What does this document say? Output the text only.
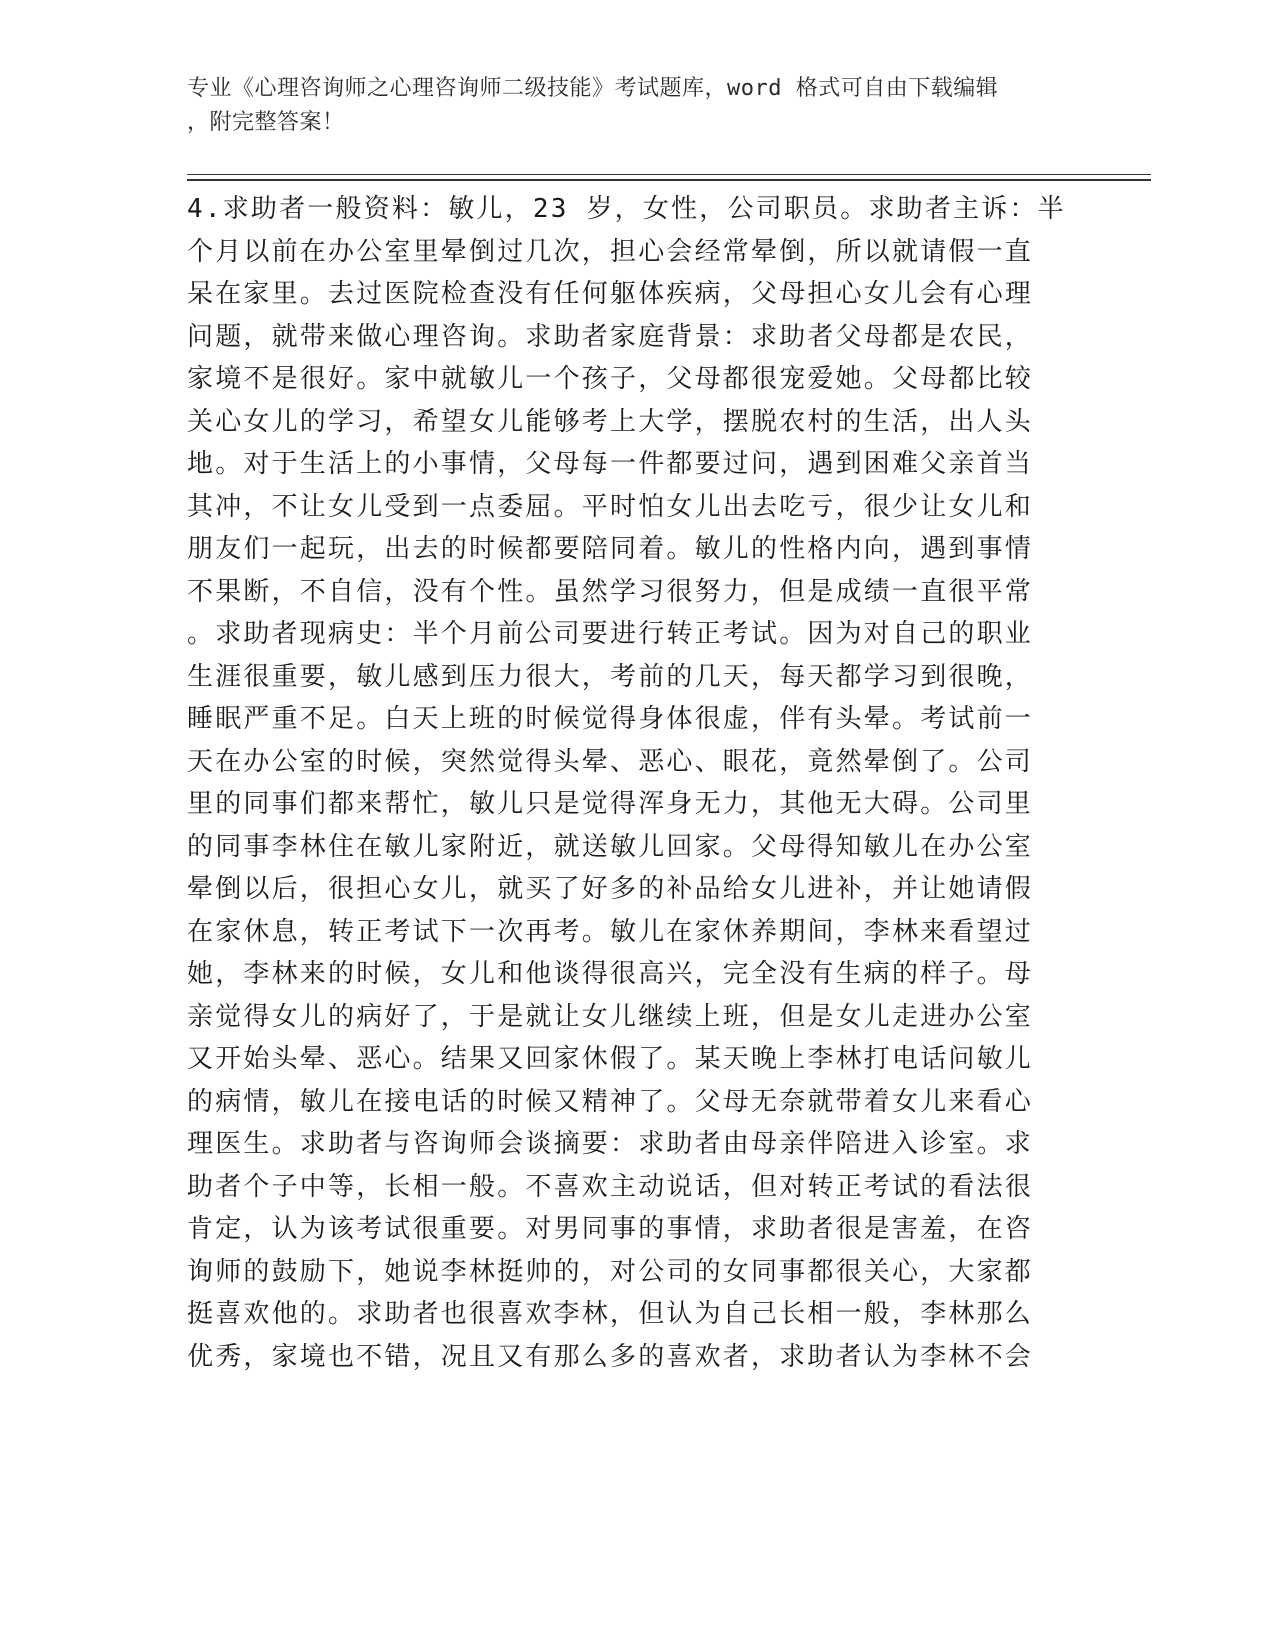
专业《心理咨询师之心理咨询师二级技能》考试题库，word 格式可自由下载编辑
，附完整答案！
4.求助者一般资料：敏儿，23 岁，女性，公司职员。求助者主诉：半
个月以前在办公室里晕倒过几次，担心会经常晕倒，所以就请假一直
呆在家里。去过医院检查没有任何躯体疾病，父母担心女儿会有心理
问题，就带来做心理咨询。求助者家庭背景：求助者父母都是农民，
家境不是很好。家中就敏儿一个孩子，父母都很宠爱她。父母都比较
关心女儿的学习，希望女儿能够考上大学，摆脱农村的生活，出人头
地。对于生活上的小事情，父母每一件都要过问，遇到困难父亲首当
其冲，不让女儿受到一点委屈。平时怕女儿出去吃亏，很少让女儿和
朋友们一起玩，出去的时候都要陪同着。敏儿的性格内向，遇到事情
不果断，不自信，没有个性。虽然学习很努力，但是成绩一直很平常
。求助者现病史：半个月前公司要进行转正考试。因为对自己的职业
生涯很重要，敏儿感到压力很大，考前的几天，每天都学习到很晚，
睡眠严重不足。白天上班的时候觉得身体很虚，伴有头晕。考试前一
天在办公室的时候，突然觉得头晕、恶心、眼花，竟然晕倒了。公司
里的同事们都来帮忙，敏儿只是觉得浑身无力，其他无大碍。公司里
的同事李林住在敏儿家附近，就送敏儿回家。父母得知敏儿在办公室
晕倒以后，很担心女儿，就买了好多的补品给女儿进补，并让她请假
在家休息，转正考试下一次再考。敏儿在家休养期间，李林来看望过
她，李林来的时候，女儿和他谈得很高兴，完全没有生病的样子。母
亲觉得女儿的病好了，于是就让女儿继续上班，但是女儿走进办公室
又开始头晕、恶心。结果又回家休假了。某天晚上李林打电话问敏儿
的病情，敏儿在接电话的时候又精神了。父母无奈就带着女儿来看心
理医生。求助者与咨询师会谈摘要：求助者由母亲伴陪进入诊室。求
助者个子中等，长相一般。不喜欢主动说话，但对转正考试的看法很
肯定，认为该考试很重要。对男同事的事情，求助者很是害羞，在咨
询师的鼓励下，她说李林挺帅的，对公司的女同事都很关心，大家都
挺喜欢他的。求助者也很喜欢李林，但认为自己长相一般，李林那么
优秀，家境也不错，况且又有那么多的喜欢者，求助者认为李林不会
